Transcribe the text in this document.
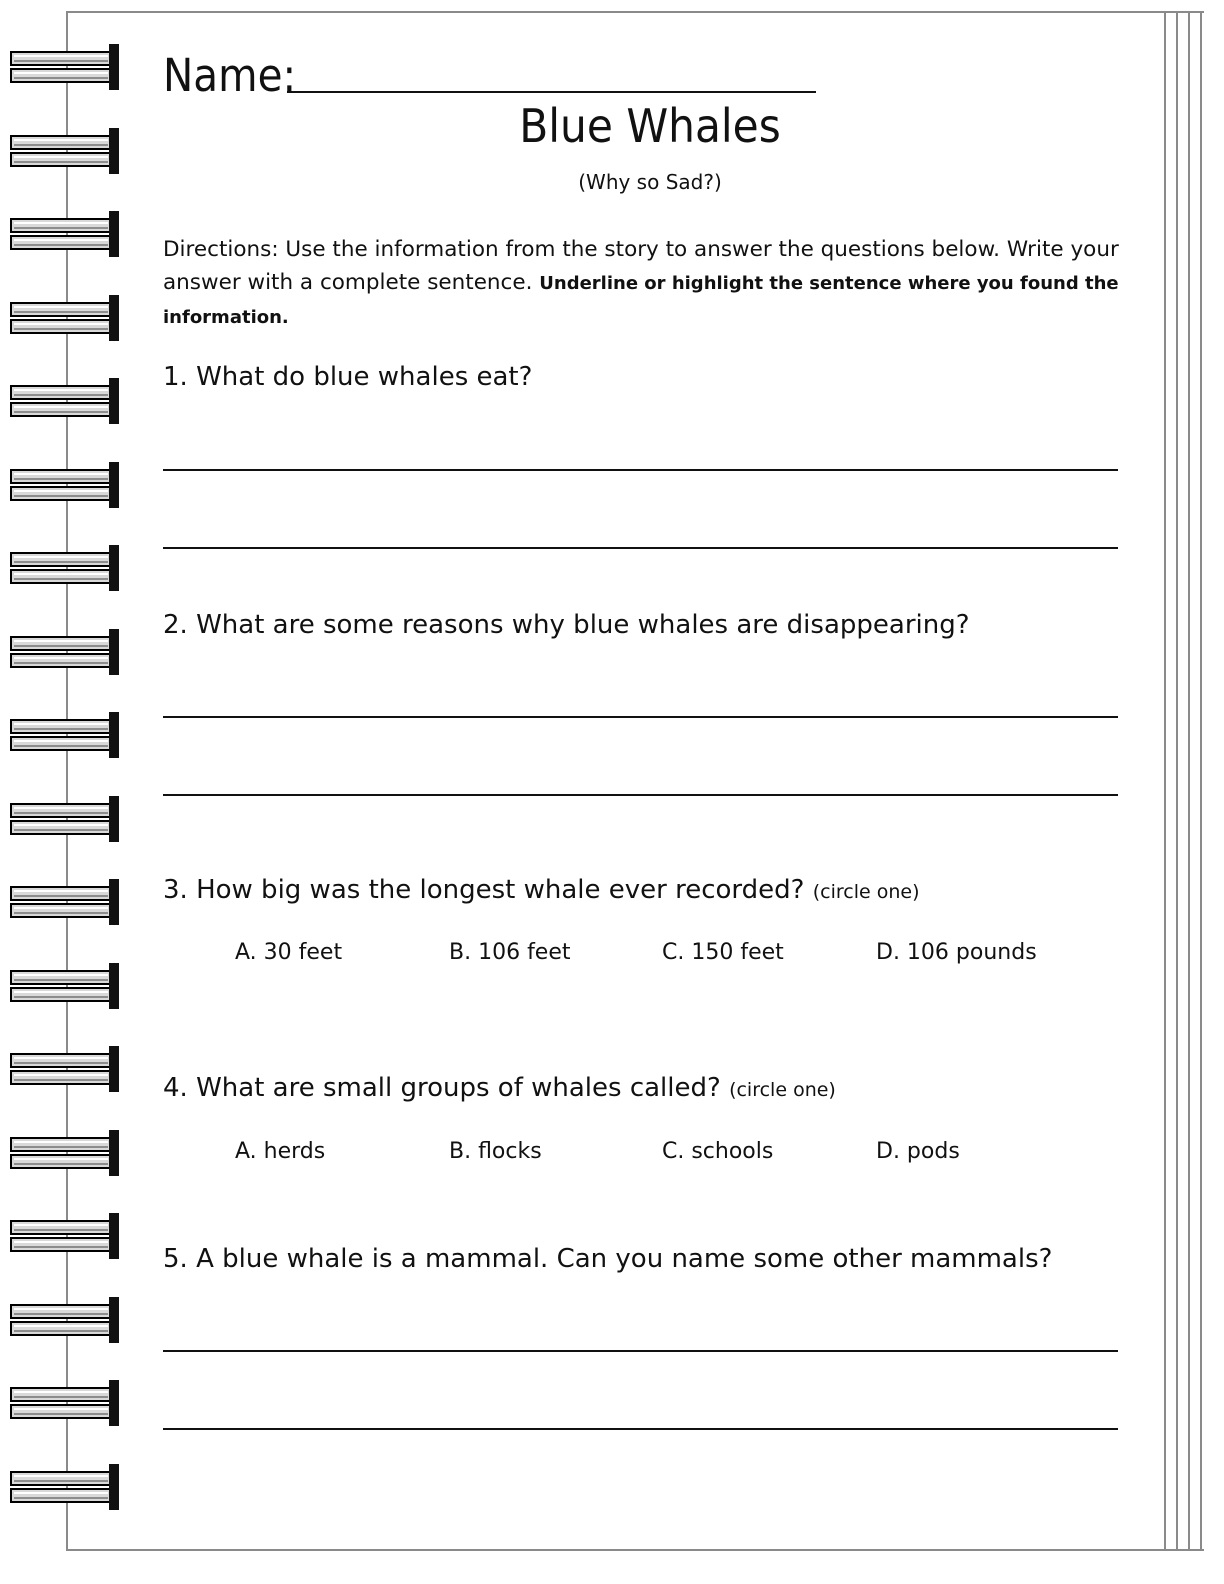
Name:
Blue Whales
(Why so Sad?)
Directions: Use the information from the story to answer the questions below. Write your answer with a complete sentence. Underline or highlight the sentence where you found the information.
1. What do blue whales eat?
2. What are some reasons why blue whales are disappearing?
3. How big was the longest whale ever recorded? (circle one)
A. 30 feet	B. 106 feet	C. 150 feet	D. 106 pounds
4. What are small groups of whales called? (circle one)
A. herds	B. flocks	C. schools	D. pods
5. A blue whale is a mammal. Can you name some other mammals?
